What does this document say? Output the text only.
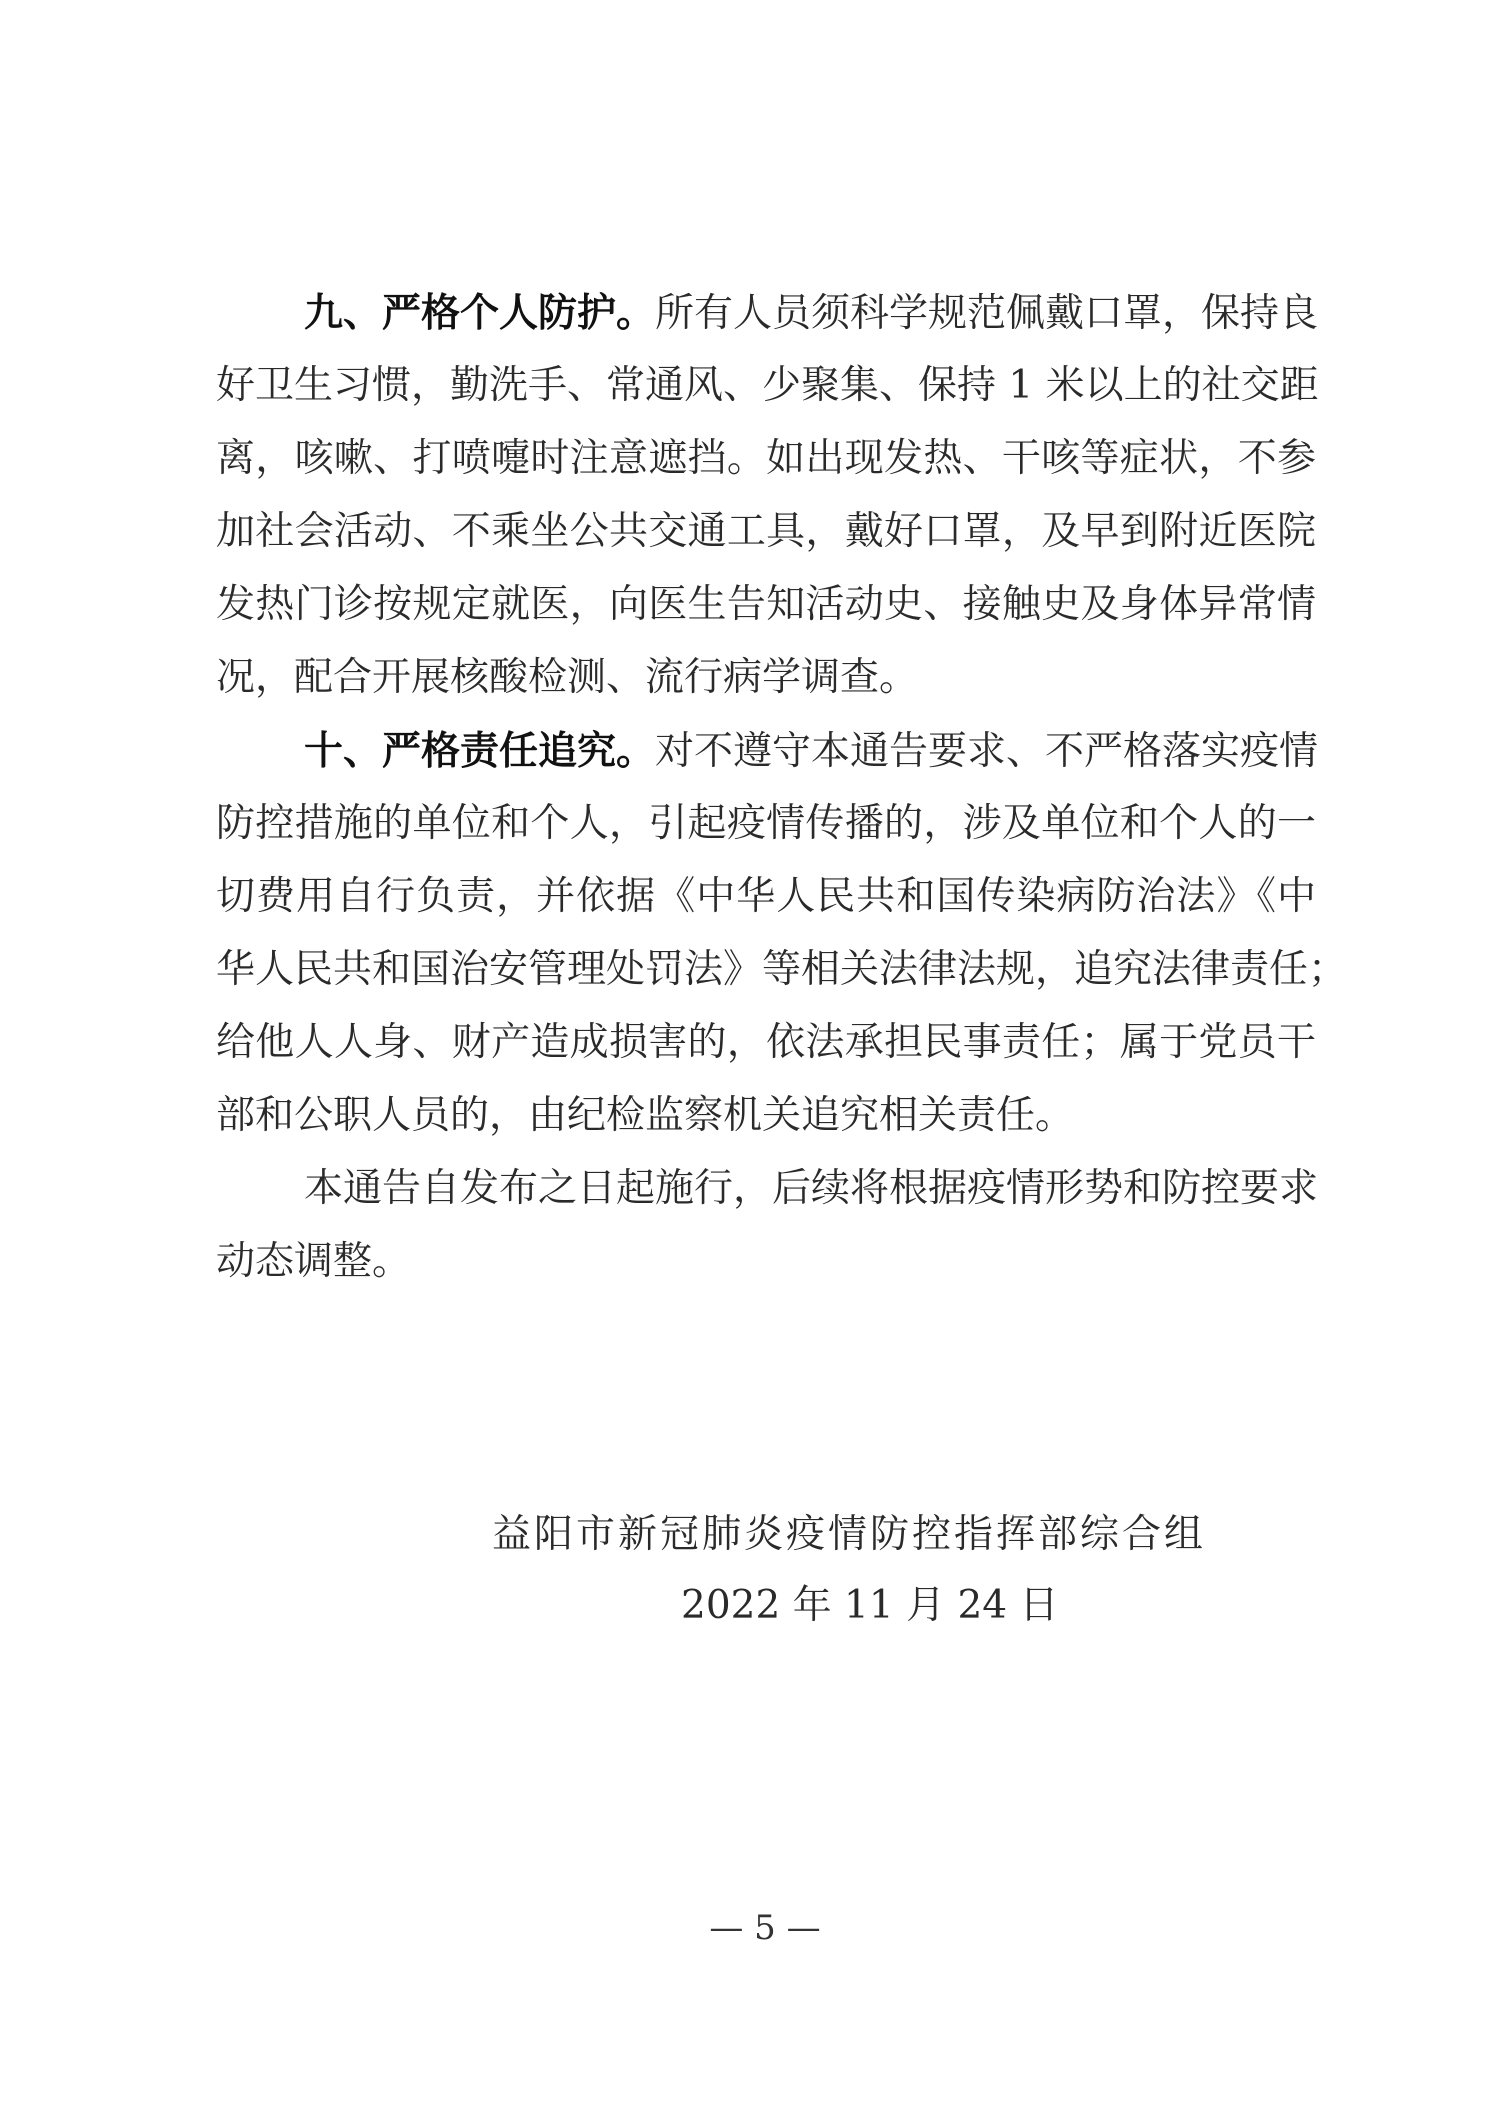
九、严格个人防护。所有人员须科学规范佩戴口罩，保持良
好卫生习惯，勤洗手、常通风、少聚集、保持 1 米以上的社交距
离，咳嗽、打喷嚏时注意遮挡。如出现发热、干咳等症状，不参
加社会活动、不乘坐公共交通工具，戴好口罩，及早到附近医院
发热门诊按规定就医，向医生告知活动史、接触史及身体异常情
况，配合开展核酸检测、流行病学调查。
十、严格责任追究。对不遵守本通告要求、不严格落实疫情
防控措施的单位和个人，引起疫情传播的，涉及单位和个人的一
切费用自行负责，并依据《中华人民共和国传染病防治法》《中
华人民共和国治安管理处罚法》等相关法律法规，追究法律责任；
给他人人身、财产造成损害的，依法承担民事责任；属于党员干
部和公职人员的，由纪检监察机关追究相关责任。
本通告自发布之日起施行，后续将根据疫情形势和防控要求
动态调整。
益阳市新冠肺炎疫情防控指挥部综合组
2022 年 11 月 24 日
— 5 —
